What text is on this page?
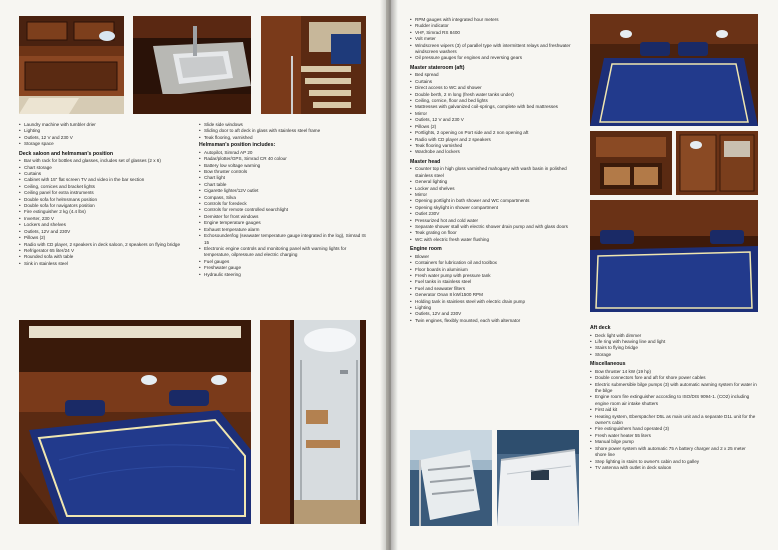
• Laundry machine with tumbler drier
• Lighting
• Outlets, 12 V and 230 V
• Storage space
Deck saloon and helmsman's position
• Bar with rack for bottles and glasses, includes set of glasses (2 x 6)
• Chart storage
• Curtains
• Cabinet with 15" flat screen TV and video in the bar section
• Ceiling, cornices and bracket lights
• Ceiling panel for extra instruments
• Double sofa for helmsmans position
• Double sofa for navigators position
• Fire extinguisher 2 kg (4.4 lbs)
• Inverter, 230 V
• Lockers and shelves
• Outlets, 12V and 230V
• Pillows (2)
• Radio with CD player, 2 speakers in deck saloon, 2 speakers on flying bridge
• Refrigerator 65 liter/24 V
• Rounded sofa with table
• Sink in stainless steel
• Slide side windows
• Sliding door to aft deck in glass with stainless steel frame
• Teak flooring, varnished
Helmsman's position includes:
• Autopilot, Simrad AP 20
• Radar/plotter/GPS, Simrad CR 40 colour
• Battery low voltage warning
• Bow thruster controls
• Chart light
• Chart table
• Cigarette lighter/12V outlet
• Compass, Silva
• Controls for foredeck
• Controls for remote controlled searchlight
• Demister for front windows
• Engine temperature gauges
• Exhaust temperature alarm
• Echosounder/log (seawater temperature gauge integrated in the log), Simrad IS 15
• Electronic engine controls and monitoring panel with warning lights for temperature, oilpressure and electric charging
• Fuel gauges
• Freshwater gauge
• Hydraulic steering
• RPM gauges with integrated hour meters
• Rudder indicator
• VHF, Simrad RS 8400
• Volt meter
• Windscreen wipers (3) of parallel type with intermittent relays and freshwater windscreen washers
• Oil pressure gauges for engines and reversing gears
Master stateroom (aft)
• Bed spread
• Curtains
• Direct access to WC and shower
• Double berth, 2 m long (fresh water tanks under)
• Ceiling, cornice, floor and bed lights
• Mattresses with galvanized coil-springs, complete with bed mattresses
• Mirror
• Outlets, 12 V and 230 V
• Pillows (2)
• Portlights, 2 opening on Port side and 2 non opening aft
• Radio with CD player and 2 speakers
• Teak flooring varnished
• Wardrobe and lockers
Master head
• Counter top in high gloss varnished mahogany with wash basin in polished stainless steel
• General lighting
• Locker and shelves
• Mirror
• Opening portlight in both shower and WC compartments
• Opening skylight in shower compartment
• Outlet 230V
• Pressurized hot and cold water
• Separate shower stall with electric shower drain pump and with glass doors
• Teak grating on floor
• WC with electric fresh water flushing
Engine room
• Blower
• Containers for lubrication oil and toolbox
• Floor boards in aluminium
• Fresh water pump with pressure tank
• Fuel tanks in stainless steel
• Fuel and seawater filters
• Generator Onan 8 kW/1500 RPM
• Holding tank in stainless steel with electric drain pump
• Lighting
• Outlets, 12V and 230V
• Twin engines, flexibly mounted, each with alternator
Aft deck
• Deck light with dimmer
• Life ring with heaving line and light
• Stairs to flying bridge
• Storage
Miscellaneous
• Bow thruster 14 kW (19 hp)
• Double connectors fore and aft for shore power cables
• Electric submersible bilge pumps (3) with automatic warning system for water in the bilge
• Engine room fire extinguisher according to ISO/DIS 9094-1. (CO2) including engine room air intake shutters
• First aid kit
• Heating system, Eberspächer D5L as main unit and a separate D1L unit for the owner's cabin
• Fire extinguishers hand operated (3)
• Fresh water heater 55 liters
• Manual bilge pump
• Shore power system with automatic 75 A battery charger and 2 x 25 meter shore line
• Step lighting in stairs to owner's cabin and to galley
• TV antenna with outlet in deck saloon
